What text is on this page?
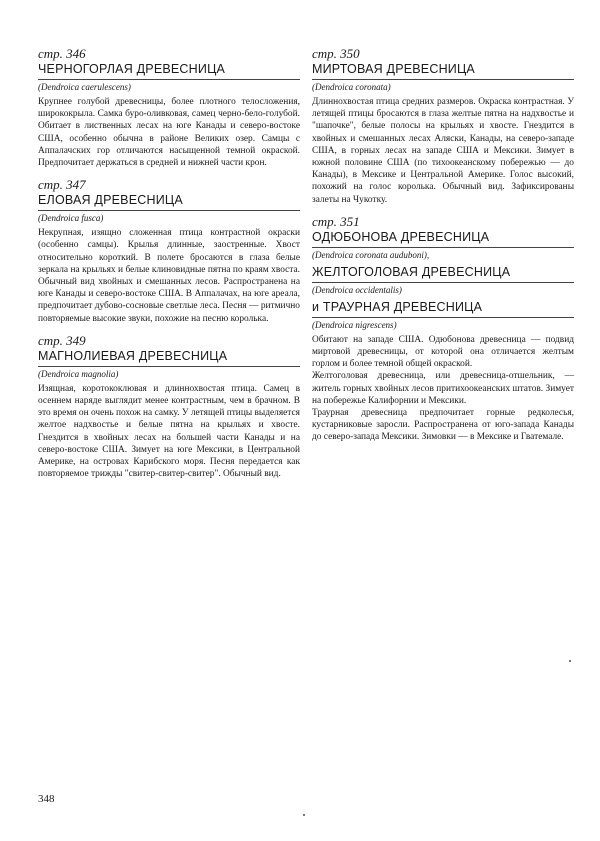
стр. 346

ЧЕРНОГОРЛАЯ ДРЕВЕСНИЦА
(Dendroica caerulescens)

Крупнее голубой древесницы, более плотного телосложения, ширококрыла. Самка буро-оливковая, самец черно-бело-голубой. Обитает в лиственных лесах на юге Канады и северо-востоке США, особенно обычна в районе Великих озер. Самцы с Аппалачских гор отличаются насыщенной темной окраской. Предпочитает держаться в средней и нижней части крон.

стр. 347

ЕЛОВАЯ ДРЕВЕСНИЦА
(Dendroica fusca)

Некрупная, изящно сложенная птица контрастной окраски (особенно самцы). Крылья длинные, заостренные. Хвост относительно короткий. В полете бросаются в глаза белые зеркала на крыльях и белые клиновидные пятна по краям хвоста. Обычный вид хвойных и смешанных лесов. Распространена на юге Канады и северо-востоке США. В Аппалачах, на юге ареала, предпочитает дубово-сосновые светлые леса. Песня — ритмично повторяемые высокие звуки, похожие на песню королька.

стр. 349

МАГНОЛИЕВАЯ ДРЕВЕСНИЦА
(Dendroica magnolia)

Изящная, коротококлювая и длиннохвостая птица. Самец в осеннем наряде выглядит менее контрастным, чем в брачном. В это время он очень похож на самку. У летящей птицы выделяется желтое надхвостье и белые пятна на крыльях и хвосте. Гнездится в хвойных лесах на большей части Канады и на северо-востоке США. Зимует на юге Мексики, в Центральной Америке, на островах Карибского моря. Песня передается как повторяемое трижды "свитер-свитер-свитер". Обычный вид.

стр. 350

МИРТОВАЯ ДРЕВЕСНИЦА
(Dendroica coronata)

Длиннохвостая птица средних размеров. Окраска контрастная. У летящей птицы бросаются в глаза желтые пятна на надхвостье и "шапочке", белые полосы на крыльях и хвосте. Гнездится в хвойных и смешанных лесах Аляски, Канады, на северо-западе США, в горных лесах на западе США и Мексики. Зимует в южной половине США (по тихоокеанскому побережью — до Канады), в Мексике и Центральной Америке. Голос высокий, похожий на голос королька. Обычный вид. Зафиксированы залеты на Чукотку.

стр. 351

ОДЮБОНОВА ДРЕВЕСНИЦА
(Dendroica coronata auduboni),
ЖЕЛТОГОЛОВАЯ ДРЕВЕСНИЦА
(Dendroica occidentalis)
и ТРАУРНАЯ ДРЕВЕСНИЦА
(Dendroica nigrescens)

Обитают на западе США. Одюбонова древесница — подвид миртовой древесницы, от которой она отличается желтым горлом и более темной общей окраской.

Желтоголовая древесница, или древесница-отшельник, — житель горных хвойных лесов притихоокеанских штатов. Зимует на побережье Калифорнии и Мексики.

Траурная древесница предпочитает горные редколесья, кустарниковые заросли. Распространена от юго-запада Канады до северо-запада Мексики. Зимовки — в Мексике и Гватемале.

348
